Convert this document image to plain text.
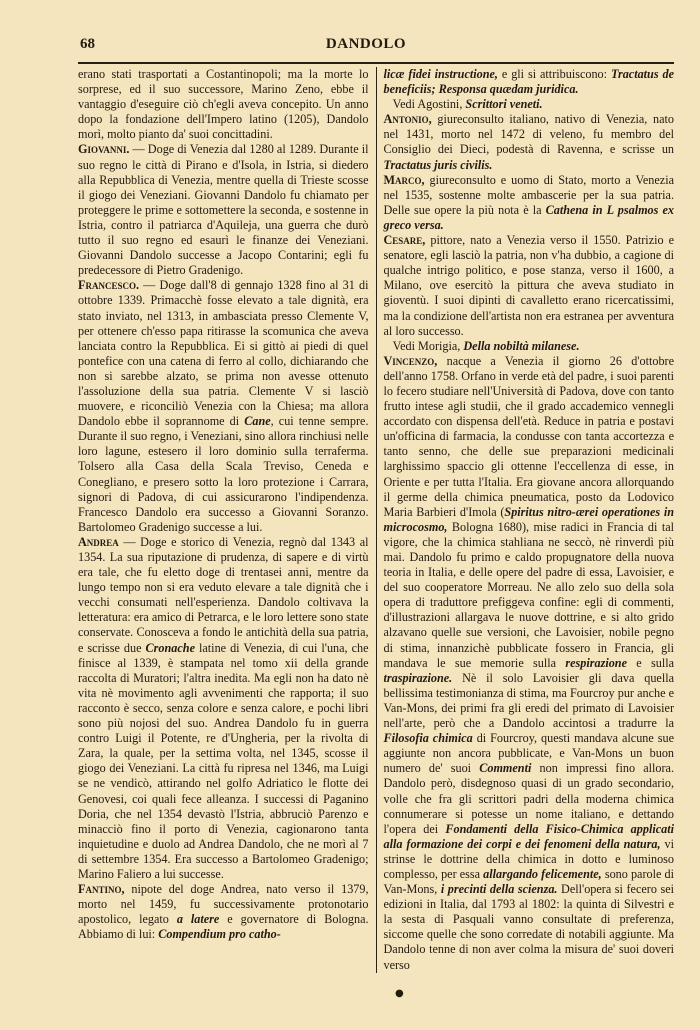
68	DANDOLO

erano stati trasportati a Costantinopoli; ma la morte lo sorprese, ed il suo successore, Marino Zeno, ebbe il vantaggio d'eseguire ciò ch'egli aveva concepito. Un anno dopo la fondazione dell'Impero latino (1205), Dandolo morì, molto pianto da' suoi concittadini.

Giovanni. — Doge di Venezia dal 1280 al 1289. Durante il suo regno le città di Pirano e d'Isola, in Istria, si diedero alla Repubblica di Venezia, mentre quella di Trieste scosse il giogo dei Veneziani. Giovanni Dandolo fu chiamato per proteggere le prime e sottomettere la seconda, e sostenne in Istria, contro il patriarca d'Aquileja, una guerra che durò tutto il suo regno ed esaurì le finanze dei Veneziani. Giovanni Dandolo successe a Jacopo Contarini; egli fu predecessore di Pietro Gradenigo.

Francesco. — Doge dall'8 di gennajo 1328 fino al 31 di ottobre 1339. Primacchè fosse elevato a tale dignità, era stato inviato, nel 1313, in ambasciata presso Clemente V, per ottenere ch'esso papa ritirasse la scomunica che aveva lanciata contro la Repubblica. Ei si gittò ai piedi di quel pontefice con una catena di ferro al collo, dichiarando che non si sarebbe alzato, se prima non avesse ottenuto l'assoluzione della sua patria. Clemente V si lasciò muovere, e riconciliò Venezia con la Chiesa; ma allora Dandolo ebbe il soprannome di Cane, cui tenne sempre. Durante il suo regno, i Veneziani, sino allora rinchiusi nelle loro lagune, estesero il loro dominio sulla terraferma. Tolsero alla Casa della Scala Treviso, Ceneda e Conegliano, e presero sotto la loro protezione i Carrara, signori di Padova, di cui assicurarono l'indipendenza. Francesco Dandolo era successo a Giovanni Soranzo. Bartolomeo Gradenigo successe a lui.

Andrea — Doge e storico di Venezia, regnò dal 1343 al 1354. La sua riputazione di prudenza, di sapere e di virtù era tale, che fu eletto doge di trentasei anni, mentre da lungo tempo non si era veduto elevare a tale dignità che i vecchi consumati nell'esperienza. Dandolo coltivava la letteratura: era amico di Petrarca, e le loro lettere sono state conservate. Conosceva a fondo le antichità della sua patria, e scrisse due Cronache latine di Venezia, di cui l'una, che finisce al 1339, è stampata nel tomo xii della grande raccolta di Muratori; l'altra inedita. Ma egli non ha dato nè vita nè movimento agli avvenimenti che rapporta; il suo racconto è secco, senza colore e senza calore, e pochi libri sono più nojosi del suo. Andrea Dandolo fu in guerra contro Luigi il Potente, re d'Ungheria, per la rivolta di Zara, la quale, per la settima volta, nel 1345, scosse il giogo dei Veneziani. La città fu ripresa nel 1346, ma Luigi se ne vendicò, attirando nel golfo Adriatico le flotte dei Genovesi, coi quali fece alleanza. I successi di Paganino Doria, che nel 1354 devastò l'Istria, abbruciò Parenzo e minacciò fino il porto di Venezia, cagionarono tanta inquietudine e duolo ad Andrea Dandolo, che ne morì al 7 di settembre 1354. Era successo a Bartolomeo Gradenigo; Marino Faliero a lui successe.

Fantino, nipote del doge Andrea, nato verso il 1379, morto nel 1459, fu successivamente protonotario apostolico, legato a latere e governatore di Bologna. Abbiamo di lui: Compendium pro catho-

licæ fidei instructione, e gli si attribuiscono: Tractatus de beneficiis; Responsa quædam juridica.

Vedi Agostini, Scrittori veneti.

Antonio, giureconsulto italiano, nativo di Venezia, nato nel 1431, morto nel 1472 di veleno, fu membro del Consiglio dei Dieci, podestà di Ravenna, e scrisse un Tractatus juris civilis.

Marco, giureconsulto e uomo di Stato, morto a Venezia nel 1535, sostenne molte ambascerie per la sua patria. Delle sue opere la più nota è la Cathena in L psalmos ex greco versa.

Cesare, pittore, nato a Venezia verso il 1550. Patrizio e senatore, egli lasciò la patria, non v'ha dubbio, a cagione di qualche intrigo politico, e pose stanza, verso il 1600, a Milano, ove esercitò la pittura che aveva studiato in gioventù. I suoi dipinti di cavalletto erano ricercatissimi, ma la condizione dell'artista non era estranea per avventura al loro successo.

Vedi Morigia, Della nobiltà milanese.

Vincenzo, nacque a Venezia il giorno 26 d'ottobre dell'anno 1758. Orfano in verde età del padre, i suoi parenti lo fecero studiare nell'Università di Padova, dove con tanto frutto intese agli studii, che il grado accademico vennegli accordato con dispensa dell'età. Reduce in patria e postavi un'officina di farmacia, la condusse con tanta accortezza e tanto senno, che delle sue preparazioni medicinali larghissimo spaccio gli ottenne l'eccellenza di esse, in Oriente e per tutta l'Italia. Era giovane ancora allorquando il germe della chimica pneumatica, posto da Lodovico Maria Barbieri d'Imola (Spiritus nitro-ærei operationes in microcosmo, Bologna 1680), mise radici in Francia di tal vigore, che la chimica stahliana ne seccò, nè rinverdì più mai. Dandolo fu primo e caldo propugnatore della nuova teoria in Italia, e delle opere del padre di essa, Lavoisier, e del suo cooperatore Morreau. Ne allo zelo suo della sola opera di traduttore prefiggeva confine: egli di commenti, d'illustrazioni allargava le nuove dottrine, e si alto grido alzavano quelle sue versioni, che Lavoisier, nobile pegno di stima, innanzichè pubblicate fossero in Francia, gli mandava le sue memorie sulla respirazione e sulla traspirazione. Nè il solo Lavoisier gli dava quella bellissima testimonianza di stima, ma Fourcroy pur anche e Van-Mons, dei primi fra gli eredi del primato di Lavoisier nell'arte, però che a Dandolo accintosi a tradurre la Filosofia chimica di Fourcroy, questi mandava alcune sue aggiunte non ancora pubblicate, e Van-Mons un buon numero de' suoi Commenti non impressi fino allora. Dandolo però, disdegnoso quasi di un grado secondario, volle che fra gli scrittori padri della moderna chimica connumerare si potesse un nome italiano, e dettando l'opera dei Fondamenti della Fisico-Chimica applicati alla formazione dei corpi e dei fenomeni della natura, vi strinse le dottrine della chimica in dotto e luminoso complesso, per essa allargando felicemente, sono parole di Van-Mons, i precinti della scienza. Dell'opera si fecero sei edizioni in Italia, dal 1793 al 1802: la quinta di Silvestri e la sesta di Pasquali vanno consultate di preferenza, siccome quelle che sono corredate di notabili aggiunte. Ma Dandolo tenne di non aver colma la misura de' suoi doveri verso

●
